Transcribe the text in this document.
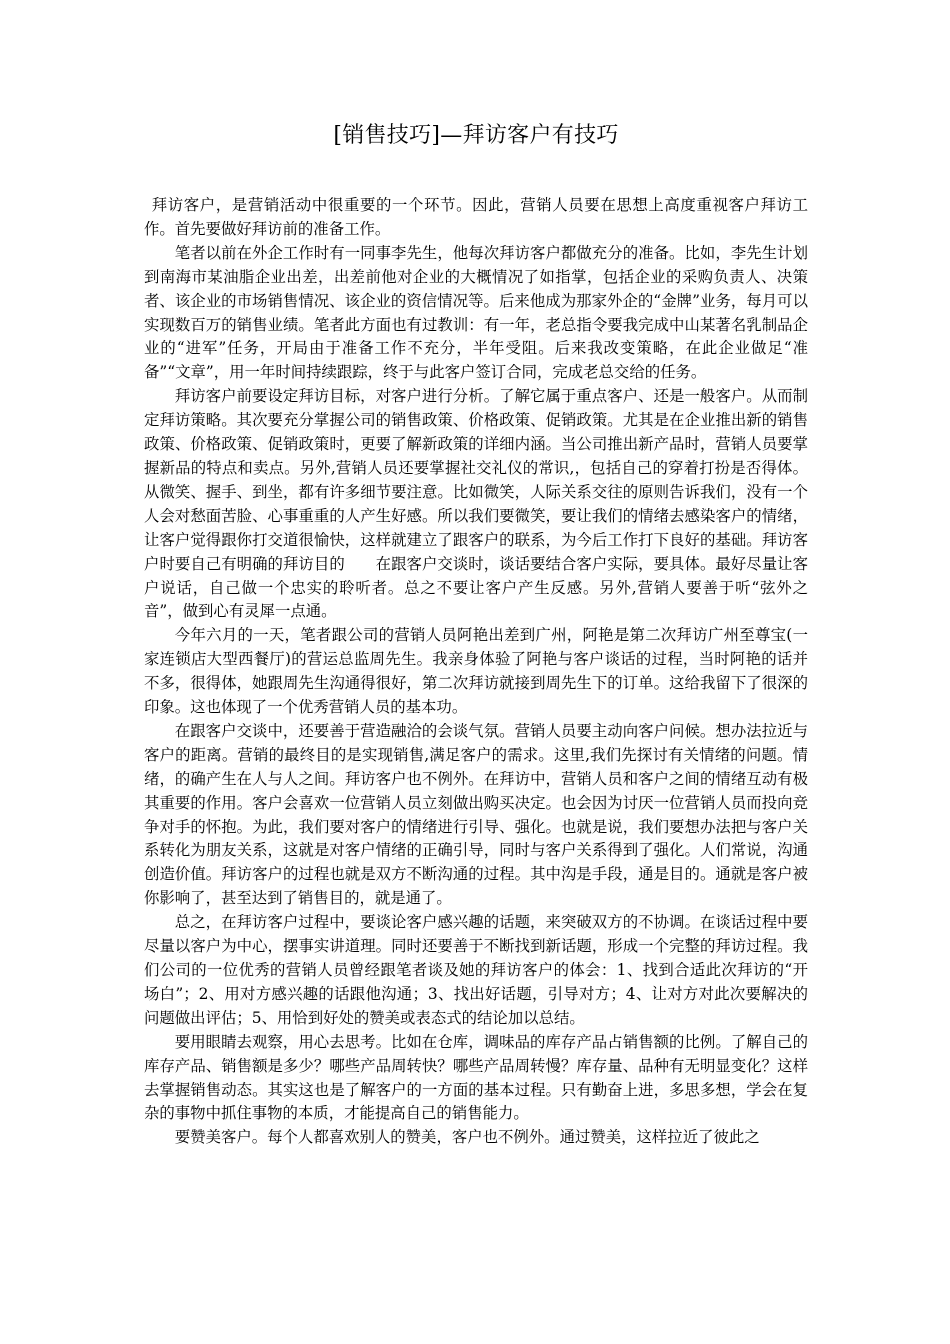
[销售技巧]—拜访客户有技巧

拜访客户，是营销活动中很重要的一个环节。因此，营销人员要在思想上高度重视客户拜访工作。首先要做好拜访前的准备工作。

笔者以前在外企工作时有一同事李先生，他每次拜访客户都做充分的准备。比如，李先生计划到南海市某油脂企业出差，出差前他对企业的大概情况了如指掌，包括企业的采购负责人、决策者、该企业的市场销售情况、该企业的资信情况等。后来他成为那家外企的“金牌”业务，每月可以实现数百万的销售业绩。笔者此方面也有过教训：有一年，老总指令要我完成中山某著名乳制品企业的“进军”任务，开局由于准备工作不充分，半年受阻。后来我改变策略，在此企业做足“准备”“文章”，用一年时间持续跟踪，终于与此客户签订合同，完成老总交给的任务。

拜访客户前要设定拜访目标，对客户进行分析。了解它属于重点客户、还是一般客户。从而制定拜访策略。其次要充分掌握公司的销售政策、价格政策、促销政策。尤其是在企业推出新的销售政策、价格政策、促销政策时，更要了解新政策的详细内涵。当公司推出新产品时，营销人员要掌握新品的特点和卖点。另外,营销人员还要掌握社交礼仪的常识,，包括自己的穿着打扮是否得体。从微笑、握手、到坐，都有许多细节要注意。比如微笑，人际关系交往的原则告诉我们，没有一个人会对愁面苦脸、心事重重的人产生好感。所以我们要微笑，要让我们的情绪去感染客户的情绪，让客户觉得跟你打交道很愉快，这样就建立了跟客户的联系，为今后工作打下良好的基础。拜访客户时要自己有明确的拜访目的　　在跟客户交谈时，谈话要结合客户实际，要具体。最好尽量让客户说话，自己做一个忠实的聆听者。总之不要让客户产生反感。另外,营销人要善于听“弦外之音”，做到心有灵犀一点通。

今年六月的一天，笔者跟公司的营销人员阿艳出差到广州，阿艳是第二次拜访广州至尊宝(一家连锁店大型西餐厅)的营运总监周先生。我亲身体验了阿艳与客户谈话的过程，当时阿艳的话并不多，很得体，她跟周先生沟通得很好，第二次拜访就接到周先生下的订单。这给我留下了很深的印象。这也体现了一个优秀营销人员的基本功。

在跟客户交谈中，还要善于营造融洽的会谈气氛。营销人员要主动向客户问候。想办法拉近与客户的距离。营销的最终目的是实现销售,满足客户的需求。这里,我们先探讨有关情绪的问题。情绪，的确产生在人与人之间。拜访客户也不例外。在拜访中，营销人员和客户之间的情绪互动有极其重要的作用。客户会喜欢一位营销人员立刻做出购买决定。也会因为讨厌一位营销人员而投向竞争对手的怀抱。为此，我们要对客户的情绪进行引导、强化。也就是说，我们要想办法把与客户关系转化为朋友关系，这就是对客户情绪的正确引导，同时与客户关系得到了强化。人们常说，沟通创造价值。拜访客户的过程也就是双方不断沟通的过程。其中沟是手段，通是目的。通就是客户被你影响了，甚至达到了销售目的，就是通了。

总之，在拜访客户过程中，要谈论客户感兴趣的话题，来突破双方的不协调。在谈话过程中要尽量以客户为中心，摆事实讲道理。同时还要善于不断找到新话题，形成一个完整的拜访过程。我们公司的一位优秀的营销人员曾经跟笔者谈及她的拜访客户的体会：1、找到合适此次拜访的“开场白”；2、用对方感兴趣的话跟他沟通；3、找出好话题，引导对方；4、让对方对此次要解决的问题做出评估；5、用恰到好处的赞美或表态式的结论加以总结。

要用眼睛去观察，用心去思考。比如在仓库，调味品的库存产品占销售额的比例。了解自己的库存产品、销售额是多少？哪些产品周转快？哪些产品周转慢？库存量、品种有无明显变化？这样去掌握销售动态。其实这也是了解客户的一方面的基本过程。只有勤奋上进，多思多想，学会在复杂的事物中抓住事物的本质，才能提高自己的销售能力。

要赞美客户。每个人都喜欢别人的赞美，客户也不例外。通过赞美，这样拉近了彼此之
